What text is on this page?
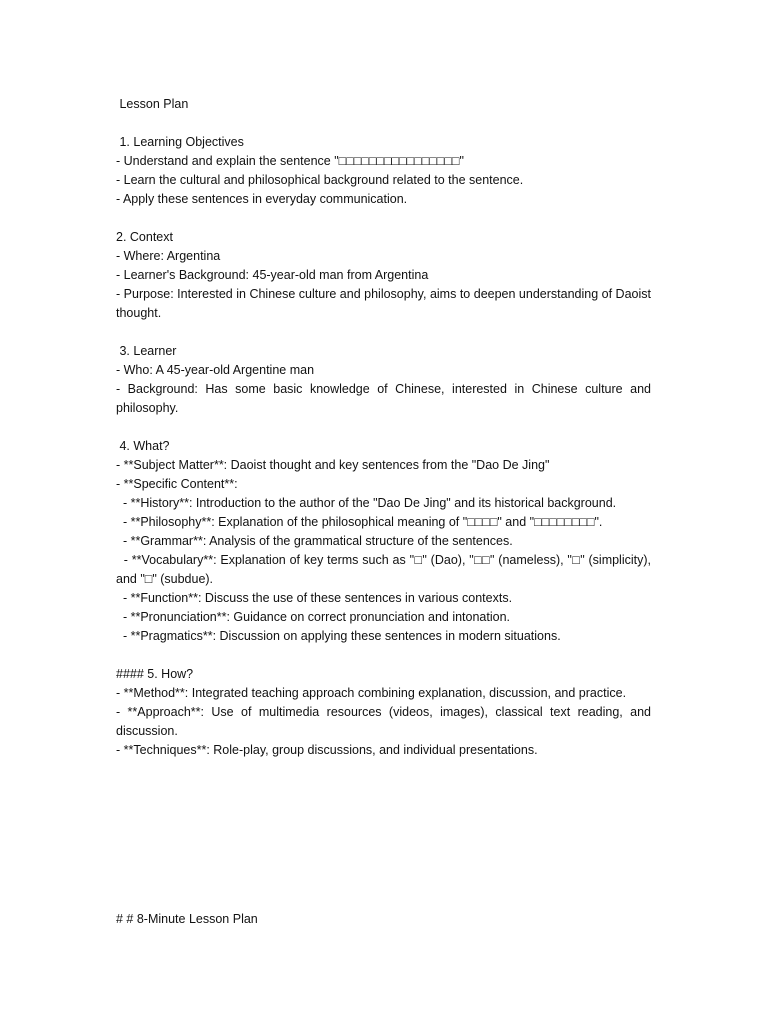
Lesson Plan
1. Learning Objectives
- Understand and explain the sentence "□□□□□□□□□□□□□□□□"
- Learn the cultural and philosophical background related to the sentence.
- Apply these sentences in everyday communication.
2. Context
- Where: Argentina
- Learner's Background: 45-year-old man from Argentina
- Purpose: Interested in Chinese culture and philosophy, aims to deepen understanding of Daoist thought.
3. Learner
- Who: A 45-year-old Argentine man
- Background: Has some basic knowledge of Chinese, interested in Chinese culture and philosophy.
4. What?
- **Subject Matter**: Daoist thought and key sentences from the "Dao De Jing"
- **Specific Content**:
- **History**: Introduction to the author of the "Dao De Jing" and its historical background.
- **Philosophy**: Explanation of the philosophical meaning of "□□□□" and "□□□□□□□□".
- **Grammar**: Analysis of the grammatical structure of the sentences.
- **Vocabulary**: Explanation of key terms such as "□" (Dao), "□□" (nameless), "□" (simplicity), and "□" (subdue).
- **Function**: Discuss the use of these sentences in various contexts.
- **Pronunciation**: Guidance on correct pronunciation and intonation.
- **Pragmatics**: Discussion on applying these sentences in modern situations.
#### 5. How?
- **Method**: Integrated teaching approach combining explanation, discussion, and practice.
- **Approach**: Use of multimedia resources (videos, images), classical text reading, and discussion.
- **Techniques**: Role-play, group discussions, and individual presentations.
# # 8-Minute Lesson Plan
